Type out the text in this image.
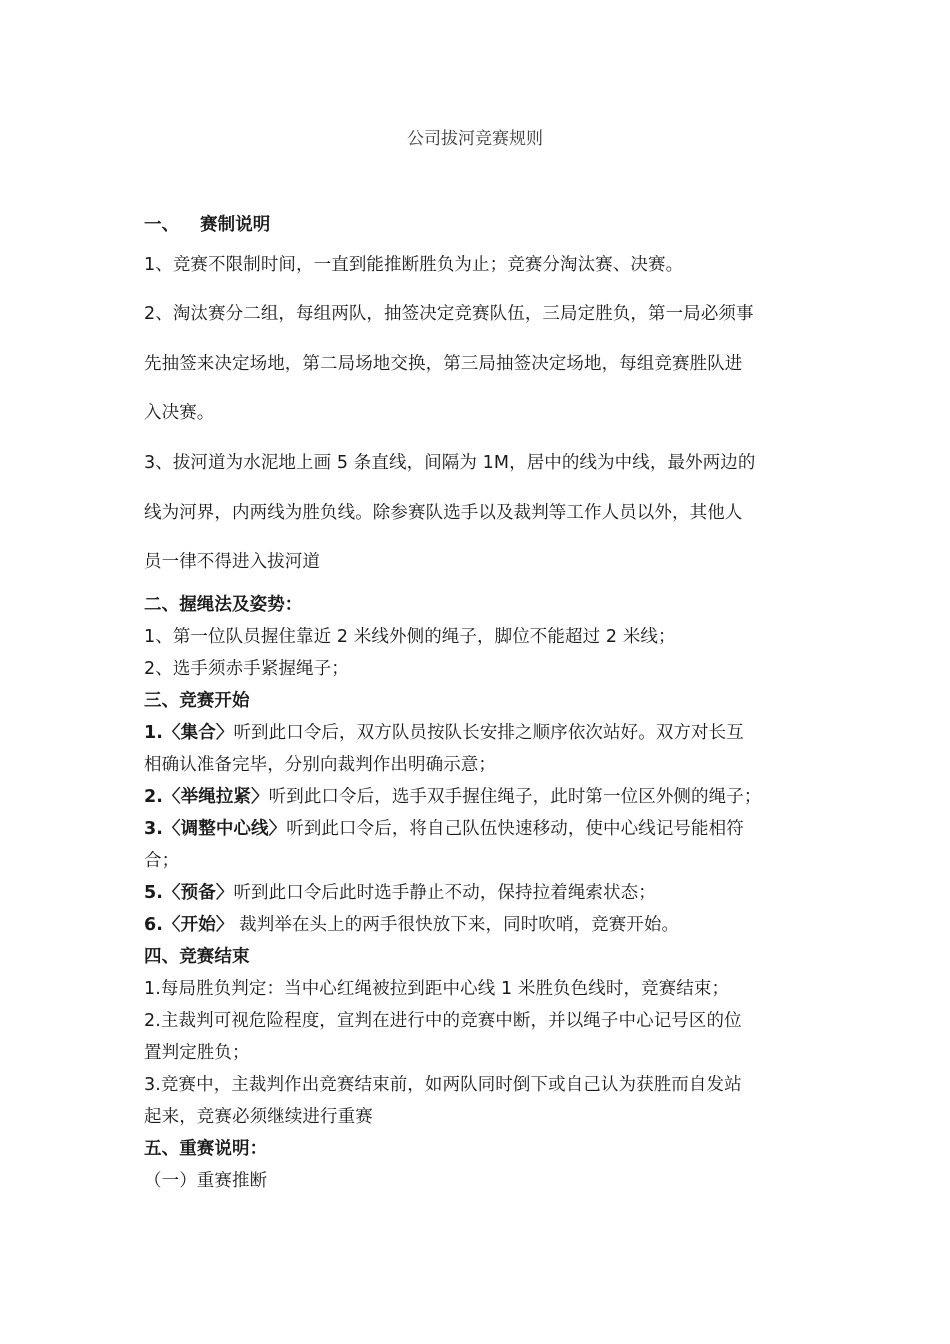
公司拔河竞赛规则
一、 赛制说明
1、竞赛不限制时间，一直到能推断胜负为止；竞赛分淘汰赛、决赛。
2、淘汰赛分二组，每组两队，抽签决定竞赛队伍，三局定胜负，第一局必须事
先抽签来决定场地，第二局场地交换，第三局抽签决定场地，每组竞赛胜队进
入决赛。
3、拔河道为水泥地上画 5 条直线，间隔为 1M，居中的线为中线，最外两边的
线为河界，内两线为胜负线。除参赛队选手以及裁判等工作人员以外，其他人
员一律不得进入拔河道
二、握绳法及姿势：
1、第一位队员握住靠近 2 米线外侧的绳子，脚位不能超过 2 米线；
2、选手须赤手紧握绳子；
三、竞赛开始
1.〈集合〉听到此口令后，双方队员按队长安排之顺序依次站好。双方对长互
相确认准备完毕，分别向裁判作出明确示意；
2.〈举绳拉紧〉听到此口令后，选手双手握住绳子，此时第一位区外侧的绳子；
3.〈调整中心线〉听到此口令后，将自己队伍快速移动，使中心线记号能相符
合；
5.〈预备〉听到此口令后此时选手静止不动，保持拉着绳索状态；
6.〈开始〉 裁判举在头上的两手很快放下来，同时吹哨，竞赛开始。
四、竞赛结束
1.每局胜负判定：当中心红绳被拉到距中心线 1 米胜负色线时，竞赛结束；
2.主裁判可视危险程度，宣判在进行中的竞赛中断，并以绳子中心记号区的位
置判定胜负；
3.竞赛中，主裁判作出竞赛结束前，如两队同时倒下或自己认为获胜而自发站
起来，竞赛必须继续进行重赛
五、重赛说明：
（一）重赛推断
